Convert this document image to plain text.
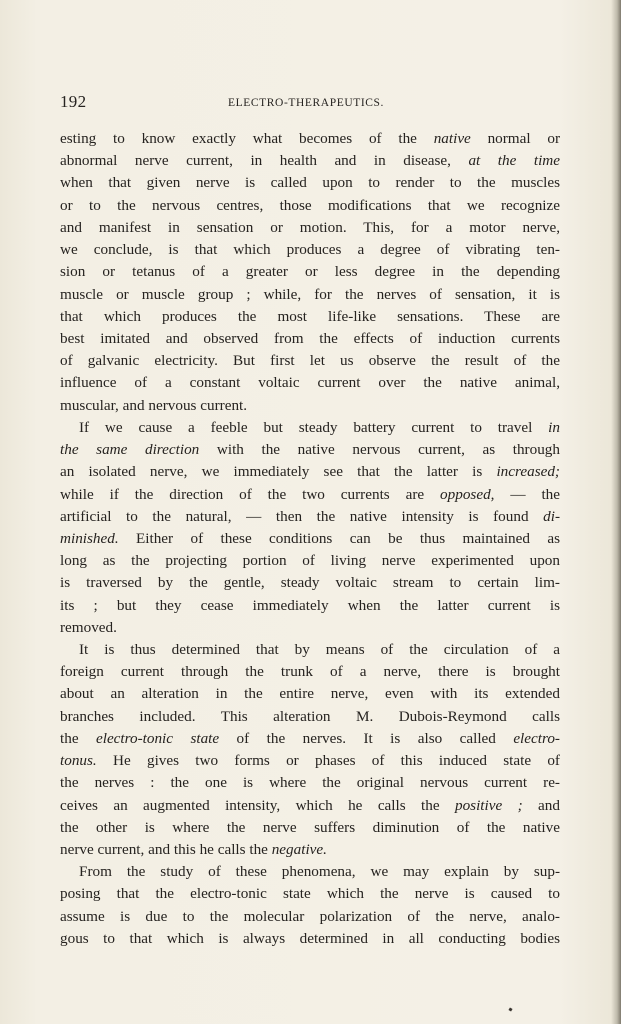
192	ELECTRO-THERAPEUTICS.
esting to know exactly what becomes of the native normal or
abnormal nerve current, in health and in disease, at the time
when that given nerve is called upon to render to the muscles
or to the nervous centres, those modifications that we recognize
and manifest in sensation or motion. This, for a motor nerve,
we conclude, is that which produces a degree of vibrating ten-
sion or tetanus of a greater or less degree in the depending
muscle or muscle group ; while, for the nerves of sensation, it is
that which produces the most life-like sensations. These are
best imitated and observed from the effects of induction currents
of galvanic electricity. But first let us observe the result of the
influence of a constant voltaic current over the native animal,
muscular, and nervous current.
If we cause a feeble but steady battery current to travel in
the same direction with the native nervous current, as through
an isolated nerve, we immediately see that the latter is increased;
while if the direction of the two currents are opposed, — the
artificial to the natural, — then the native intensity is found di-
minished. Either of these conditions can be thus maintained as
long as the projecting portion of living nerve experimented upon
is traversed by the gentle, steady voltaic stream to certain lim-
its ; but they cease immediately when the latter current is
removed.
It is thus determined that by means of the circulation of a
foreign current through the trunk of a nerve, there is brought
about an alteration in the entire nerve, even with its extended
branches included. This alteration M. Dubois-Reymond calls
the electro-tonic state of the nerves. It is also called electro-
tonus. He gives two forms or phases of this induced state of
the nerves : the one is where the original nervous current re-
ceives an augmented intensity, which he calls the positive ; and
the other is where the nerve suffers diminution of the native
nerve current, and this he calls the negative.
From the study of these phenomena, we may explain by sup-
posing that the electro-tonic state which the nerve is caused to
assume is due to the molecular polarization of the nerve, analo-
gous to that which is always determined in all conducting bodies
